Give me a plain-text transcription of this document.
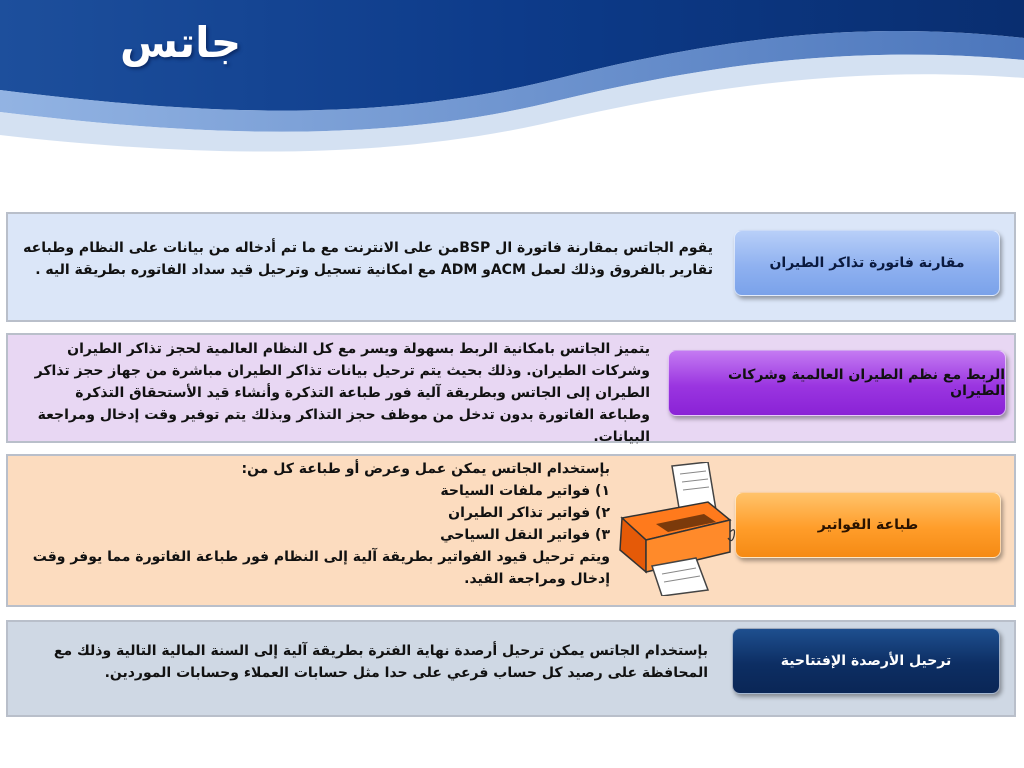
جاتس
يقوم الجاتس بمقارنة فاتورة ال BSPمن على الانترنت مع ما تم أدخاله من بيانات على النظام وطباعه تقارير بالفروق وذلك لعمل ACMو ADM مع امكانية تسجيل وترحيل قيد سداد الفاتوره بطريقة اليه .
يتميز الجاتس بامكانية الربط بسهولة ويسر مع كل النظام العالمية لحجز تذاكر الطيران وشركات الطيران. وذلك بحيث يتم ترحيل بيانات تذاكر الطيران مباشرة من جهاز حجز تذاكر الطيران إلى الجاتس وبطريقة آلية فور طباعة التذكرة وأنشاء قيد الأستحقاق التذكرة وطباعة الفاتورة بدون تدخل من موظف حجز التذاكر وبذلك يتم توفير وقت إدخال ومراجعة البيانات.
بإستخدام الجاتس يمكن عمل وعرض أو طباعة كل من:
١) فواتير ملفات السياحة
٢) فواتير تذاكر الطيران
٣) فواتير النقل السياحي
ويتم ترحيل قيود الفواتير بطريقة آلية إلى النظام فور طباعة الفاتورة مما يوفر وقت إدخال ومراجعة القيد.
بإستخدام الجاتس يمكن ترحيل أرصدة نهاية الفترة بطريقة آلية إلى السنة المالية التالية وذلك مع المحافظة على رصيد كل حساب فرعي على حدا مثل حسابات العملاء وحسابات الموردين.
مقارنة فاتورة تذاكر الطيران
الربط مع نظم الطيران العالمية وشركات الطيران
طباعة الفواتير
ترحيل الأرصدة الإفتتاحية
